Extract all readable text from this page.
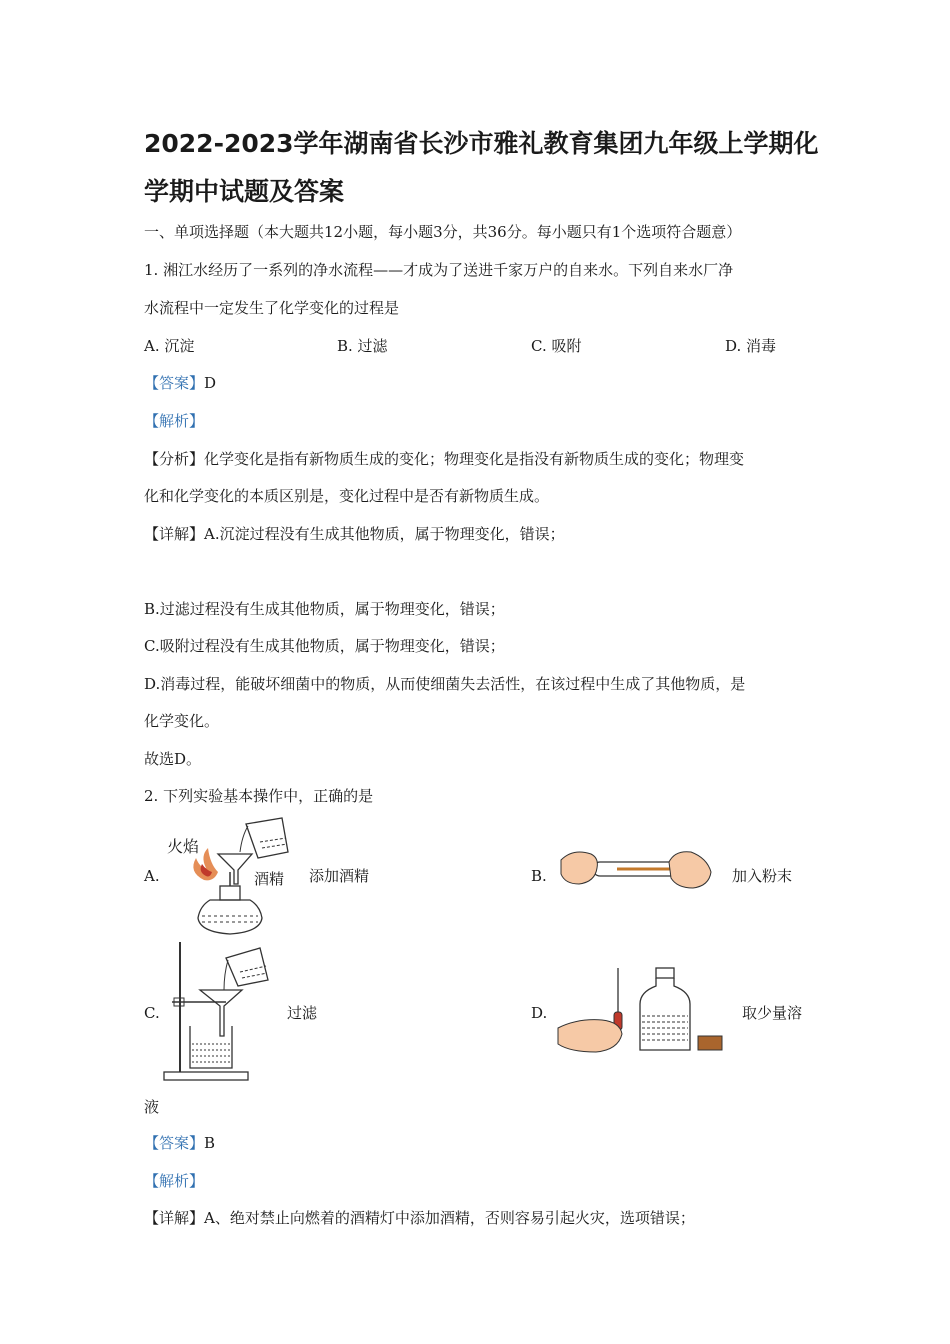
2022-2023学年湖南省长沙市雅礼教育集团九年级上学期化
学期中试题及答案
一、单项选择题（本大题共12小题，每小题3分，共36分。每小题只有1个选项符合题意）
1. 湘江水经历了一系列的净水流程——才成为了送进千家万户的自来水。下列自来水厂净
水流程中一定发生了化学变化的过程是
A. 沉淀	B. 过滤	C. 吸附	D. 消毒
【答案】D
【解析】
【分析】化学变化是指有新物质生成的变化；物理变化是指没有新物质生成的变化；物理变
化和化学变化的本质区别是，变化过程中是否有新物质生成。
【详解】A.沉淀过程没有生成其他物质，属于物理变化，错误；
B.过滤过程没有生成其他物质，属于物理变化，错误；
C.吸附过程没有生成其他物质，属于物理变化，错误；
D.消毒过程，能破坏细菌中的物质，从而使细菌失去活性，在该过程中生成了其他物质，是
化学变化。
故选D。
2. 下列实验基本操作中，正确的是
A.
火焰
酒精 添加酒精	B.	加入粉末
C.	过滤	D.	取少量溶
液
【答案】B
【解析】
【详解】A、绝对禁止向燃着的酒精灯中添加酒精，否则容易引起火灾，选项错误；
